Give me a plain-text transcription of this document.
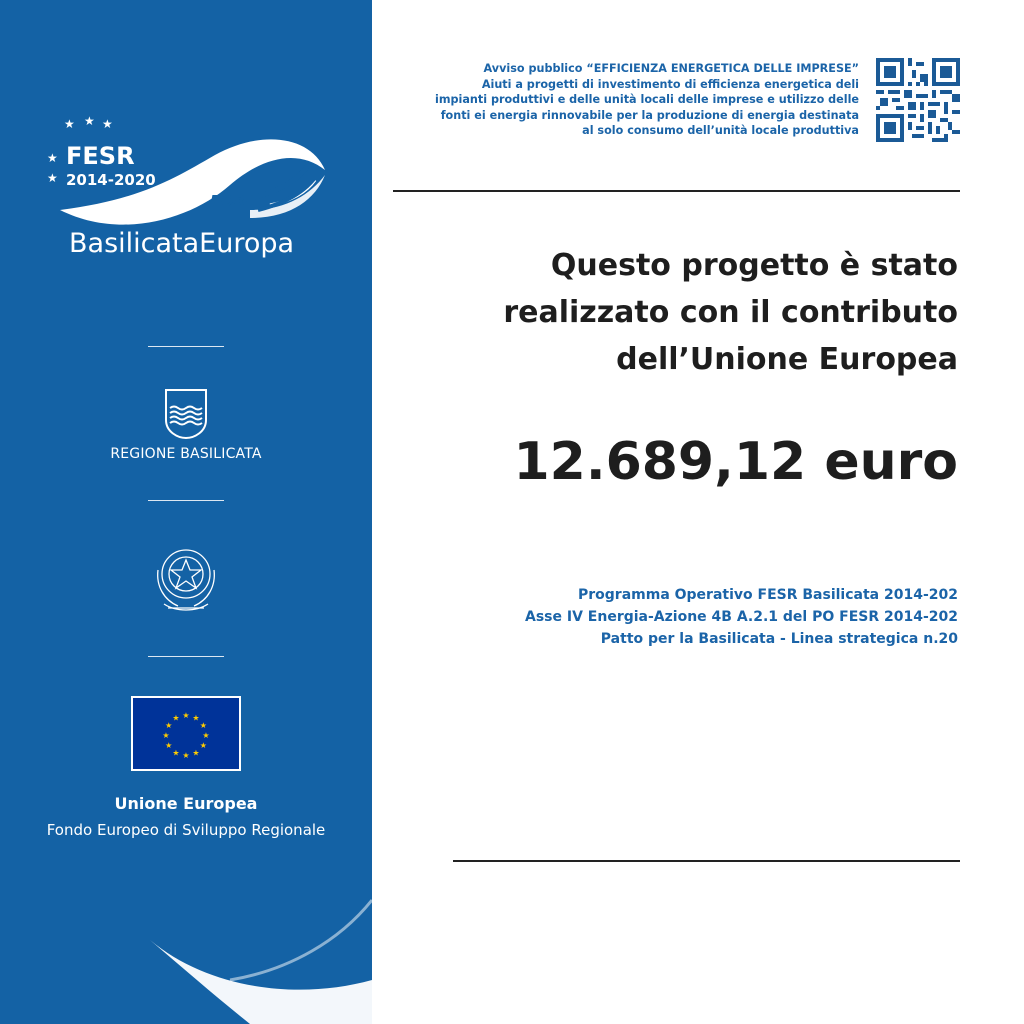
★ ★ ★
★
★
FESR
2014-2020
POR
BasilicataEuropa
REGIONE BASILICATA
★ ★
★
★
★
★
★
★
★
★
★
★
Unione Europea
Fondo Europeo di Sviluppo Regionale
Avviso pubblico “EFFICIENZA ENERGETICA DELLE IMPRESE”
Aiuti a progetti di investimento di efficienza energetica deli
impianti produttivi e delle unità locali delle imprese e utilizzo delle
fonti ei energia rinnovabile per la produzione di energia destinata
al solo consumo dell’unità locale produttiva
Questo progetto è stato
realizzato con il contributo
dell’Unione Europea
12.689,12 euro
Programma Operativo FESR Basilicata 2014-202
Asse IV Energia-Azione 4B A.2.1 del PO FESR 2014-202
Patto per la Basilicata - Linea strategica n.20
